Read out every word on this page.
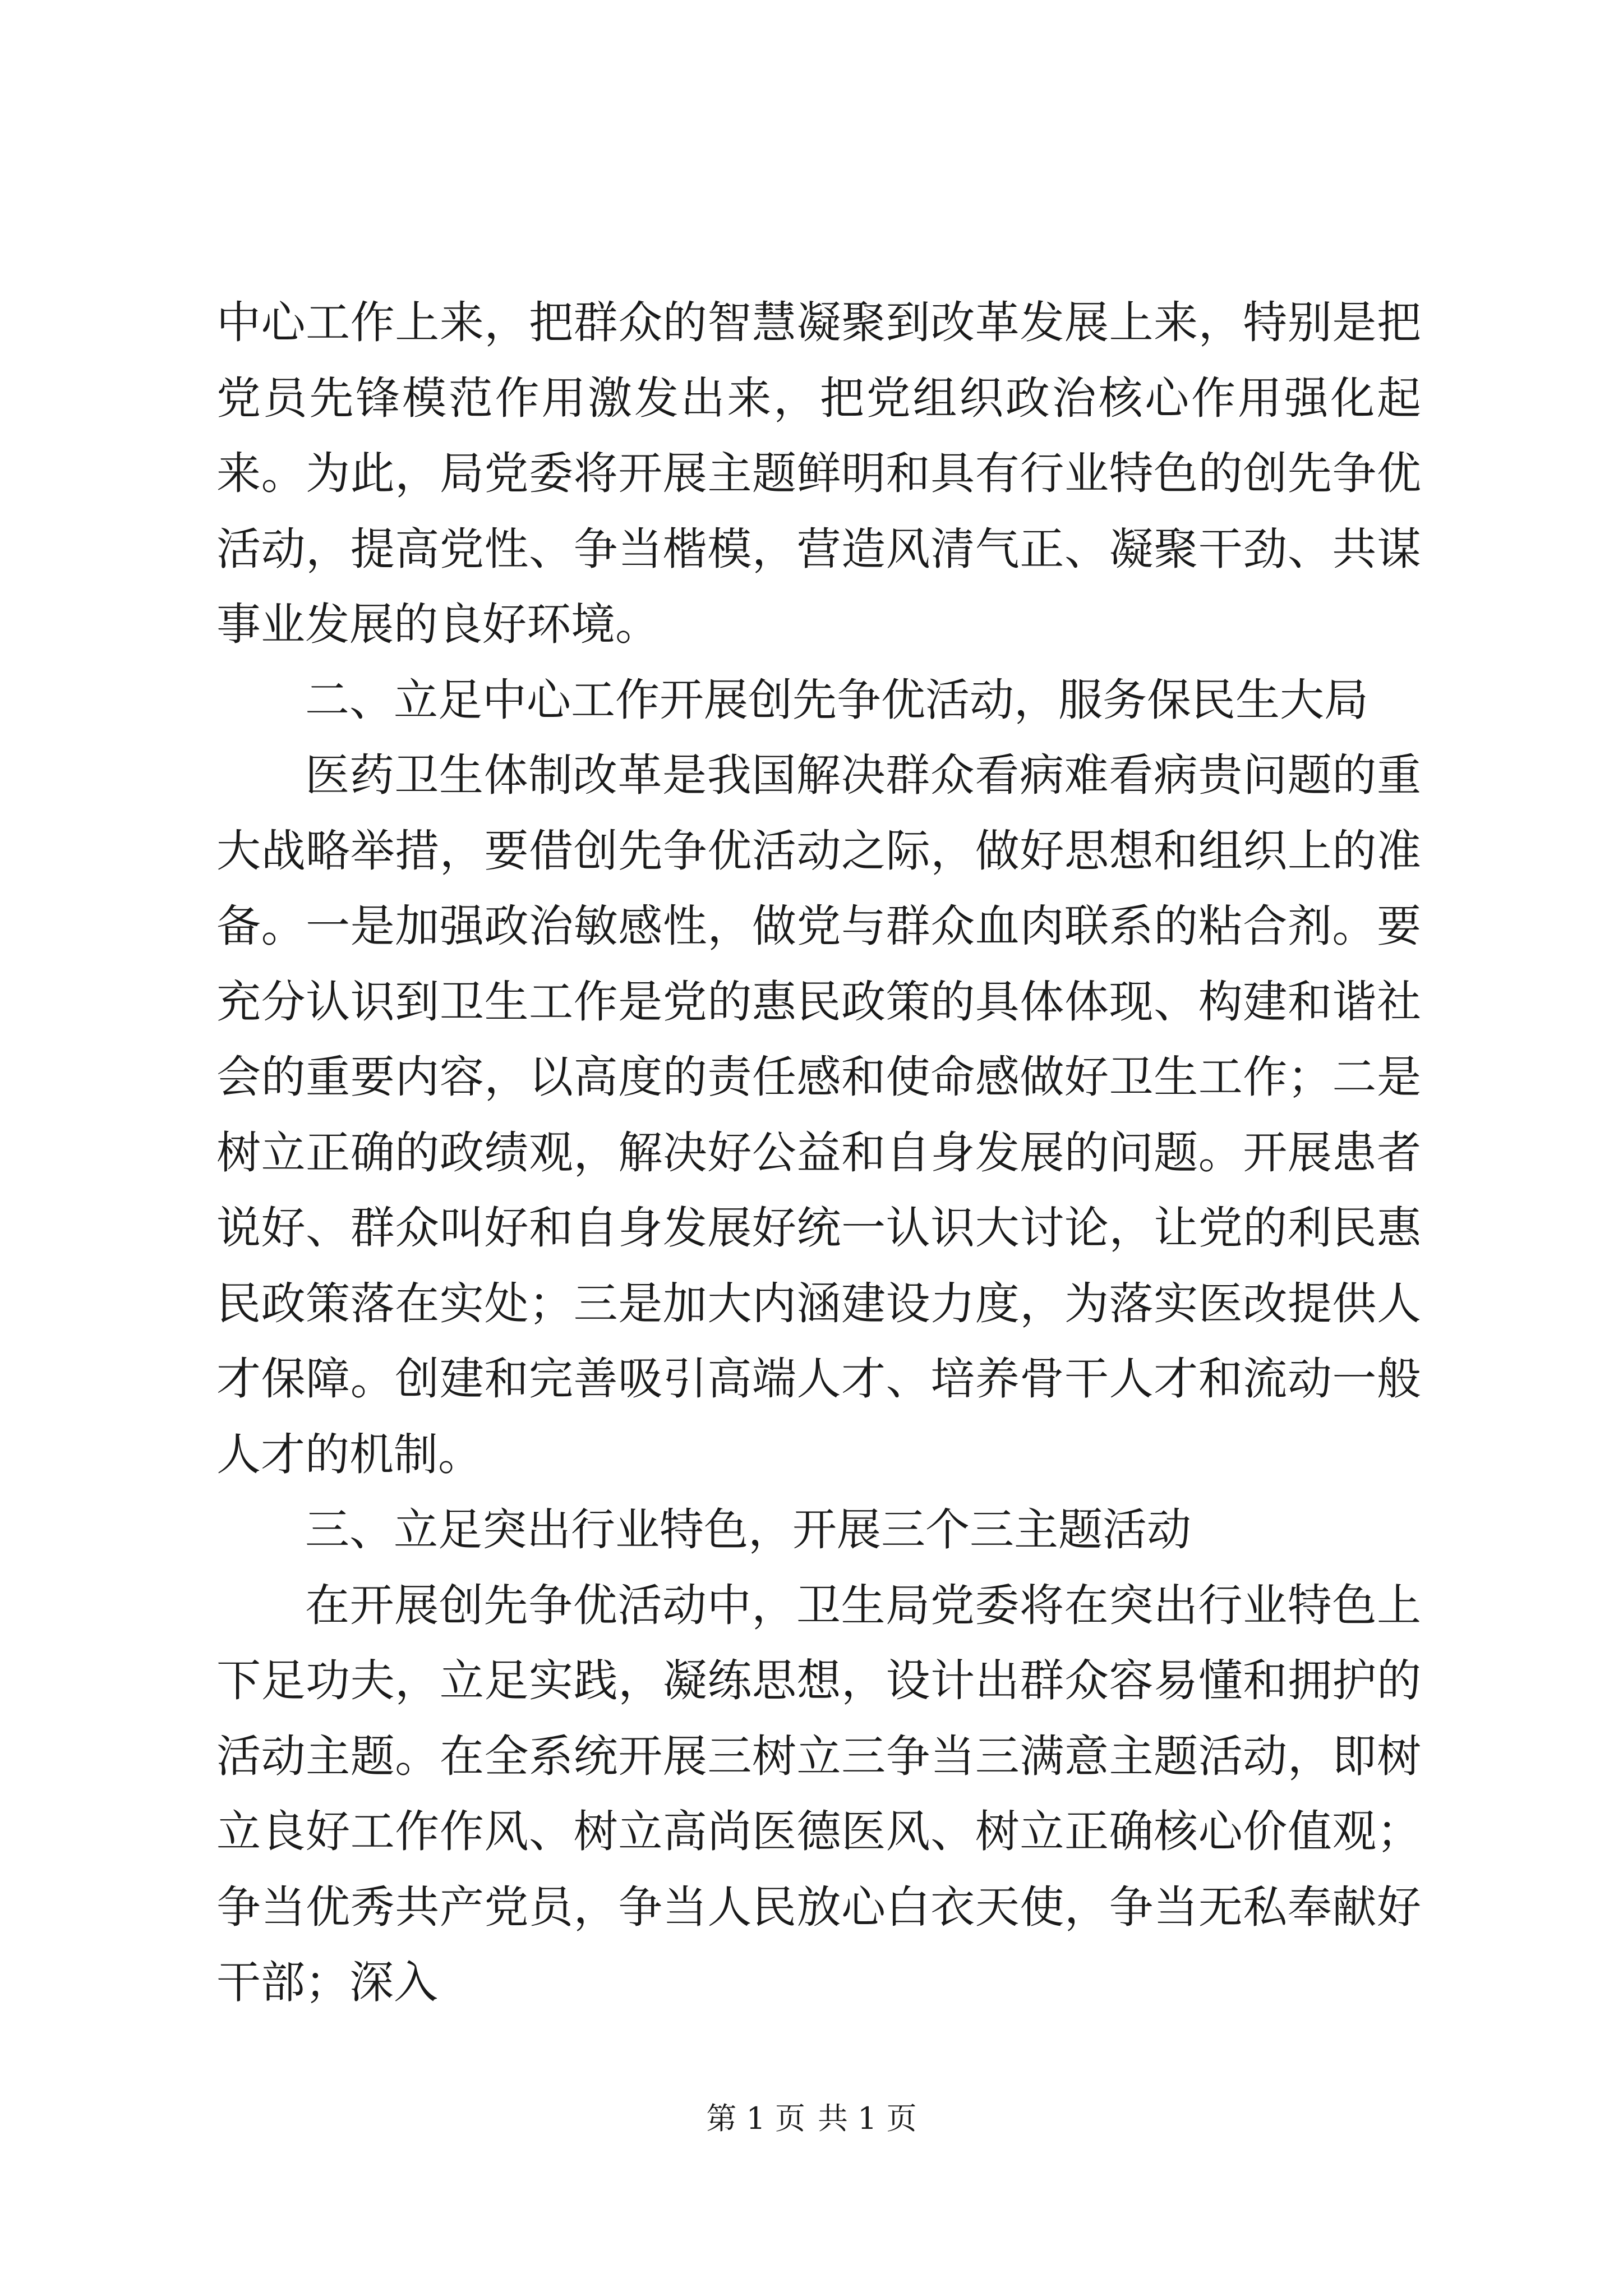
中心工作上来，把群众的智慧凝聚到改革发展上来，特别是把党员先锋模范作用激发出来，把党组织政治核心作用强化起来。为此，局党委将开展主题鲜明和具有行业特色的创先争优活动，提高党性、争当楷模，营造风清气正、凝聚干劲、共谋事业发展的良好环境。

二、立足中心工作开展创先争优活动，服务保民生大局

医药卫生体制改革是我国解决群众看病难看病贵问题的重大战略举措，要借创先争优活动之际，做好思想和组织上的准备。一是加强政治敏感性，做党与群众血肉联系的粘合剂。要充分认识到卫生工作是党的惠民政策的具体体现、构建和谐社会的重要内容，以高度的责任感和使命感做好卫生工作；二是树立正确的政绩观，解决好公益和自身发展的问题。开展患者说好、群众叫好和自身发展好统一认识大讨论，让党的利民惠民政策落在实处；三是加大内涵建设力度，为落实医改提供人才保障。创建和完善吸引高端人才、培养骨干人才和流动一般人才的机制。

三、立足突出行业特色，开展三个三主题活动

在开展创先争优活动中，卫生局党委将在突出行业特色上下足功夫，立足实践，凝练思想，设计出群众容易懂和拥护的活动主题。在全系统开展三树立三争当三满意主题活动，即树立良好工作作风、树立高尚医德医风、树立正确核心价值观；争当优秀共产党员，争当人民放心白衣天使，争当无私奉献好干部；深入

第 1 页 共 1 页
